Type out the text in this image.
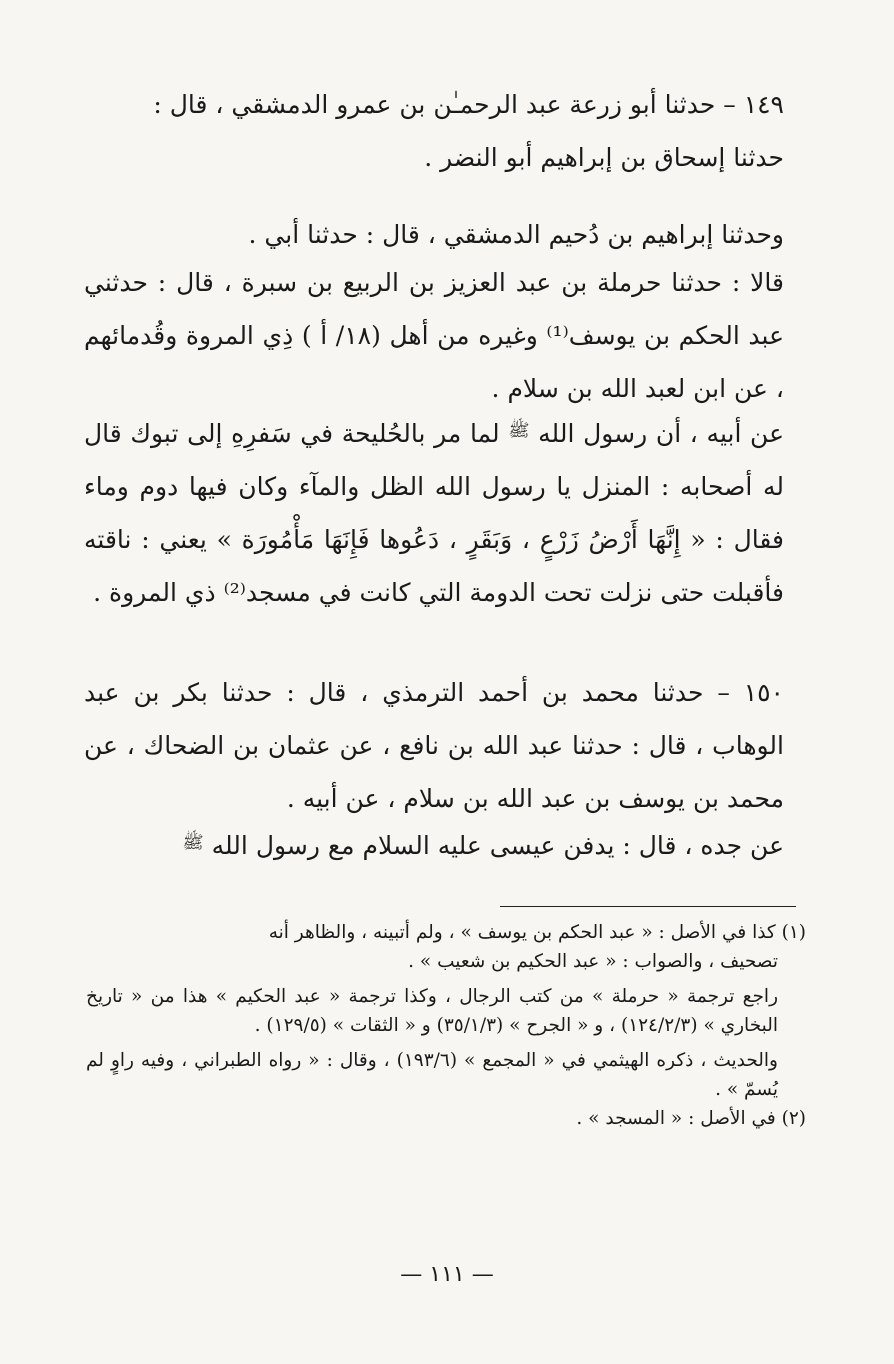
١٤٩ – حدثنا أبو زرعة عبد الرحمـٰن بن عمرو الدمشقي ، قال :

حدثنا إسحاق بن إبراهيم أبو النضر .

وحدثنا إبراهيم بن دُحيم الدمشقي ، قال : حدثنا أبي .

قالا : حدثنا حرملة بن عبد العزيز بن الربيع بن سبرة ، قال : حدثني عبد الحكم بن يوسف⁽¹⁾ وغيره من أهل (١٨/ أ ) ذِي المروة وقُدمائهم ، عن ابن لعبد الله بن سلام .

عن أبيه ، أن رسول الله $^ﷺ$ لما مر بالحُليحة في سَفرِهِ إلى تبوك قال له أصحابه : المنزل يا رسول الله الظل والمآء وكان فيها دوم وماء فقال : « إِنَّهَا أَرْضُ زَرْعٍ ، وَبَقَرٍ ، دَعُوها فَإِنَهَا مَأْمُورَة » يعني : ناقته فأقبلت حتى نزلت تحت الدومة التي كانت في مسجد⁽²⁾ ذي المروة .

١٥٠ – حدثنا محمد بن أحمد الترمذي ، قال : حدثنا بكر بن عبد الوهاب ، قال : حدثنا عبد الله بن نافع ، عن عثمان بن الضحاك ، عن محمد بن يوسف بن عبد الله بن سلام ، عن أبيه .

عن جده ، قال : يدفن عيسى عليه السلام مع رسول الله $^ﷺ$

(١) كذا في الأصل : « عبد الحكم بن يوسف » ، ولم أتبينه ، والظاهر أنه

تصحيف ، والصواب : « عبد الحكيم بن شعيب » .

راجع ترجمة « حرملة » من كتب الرجال ، وكذا ترجمة « عبد الحكيم » هذا من « تاريخ البخاري » (١٢٤/٢/٣) ، و « الجرح » (٣٥/١/٣) و « الثقات » (١٢٩/٥) .

والحديث ، ذكره الهيثمي في « المجمع » (١٩٣/٦) ، وقال : « رواه الطبراني ، وفيه راوٍ لم يُسمّ » .

(٢) في الأصل : « المسجد » .

— ١١١ —
